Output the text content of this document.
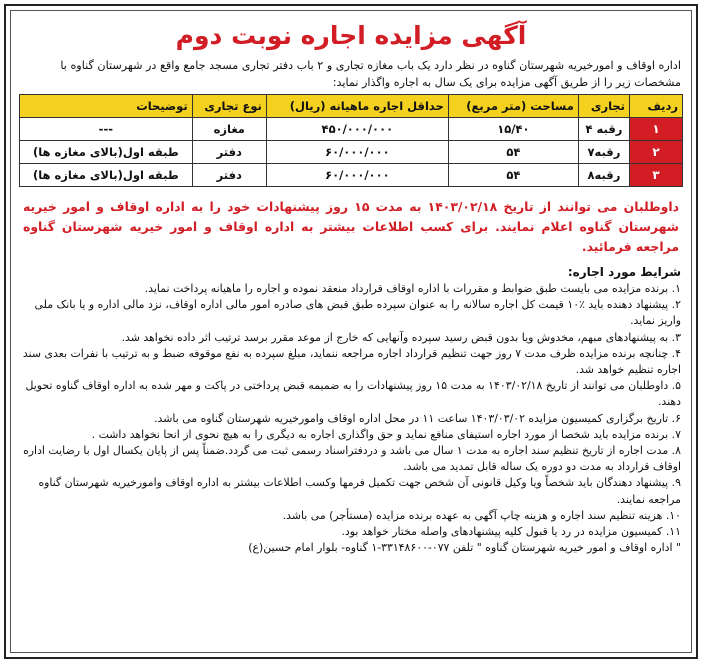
آگهی مزایده اجاره نوبت دوم
اداره اوقاف و امورخیریه شهرستان گناوه در نظر دارد یک باب مغازه تجاری و ۲ باب دفتر تجاری مسجد جامع واقع در شهرستان گناوه با مشخصات زیر را از طریق آگهی مزایده برای یک سال به اجاره واگذار نماید:
ردیف	تجاری	مساحت (متر مربع)	حداقل اجاره ماهیانه (ریال)	نوع تجاری	توضیحات
۱	رقبه ۴	۱۵/۴۰	۴۵۰/۰۰۰/۰۰۰	مغازه	---
۲	رقبه۷	۵۴	۶۰/۰۰۰/۰۰۰	دفتر	طبقه اول(بالای مغازه ها)
۳	رقبه۸	۵۴	۶۰/۰۰۰/۰۰۰	دفتر	طبقه اول(بالای مغازه ها)
داوطلبان می توانند از تاریخ ۱۴۰۳/۰۲/۱۸ به مدت ۱۵ روز پیشنهادات خود را به اداره اوقاف و امور خیریه شهرستان گناوه اعلام نمایند. برای کسب اطلاعات بیشتر به اداره اوقاف و امور خیریه شهرستان گناوه مراجعه فرمائید.
شرایط مورد اجاره:

۱. برنده مزایده می بایست طبق ضوابط و مقررات با اداره اوقاف قرارداد منعقد نموده و اجاره را ماهیانه پرداخت نماید.

۲. پیشنهاد دهنده باید ٪۱۰ قیمت کل اجاره سالانه را به عنوان سپرده طبق قبض های صادره امور مالی اداره اوقاف، نزد مالی اداره و یا بانک ملی واریز نماید.

۳. به پیشنهادهای مبهم، مخدوش ویا بدون قبض رسید سپرده وآنهایی که خارج از موعد مقرر برسد ترتیب اثر داده نخواهد شد.

۴. چنانچه برنده مزایده ظرف مدت ۷ روز جهت تنظیم قرارداد اجاره مراجعه ننماید، مبلغ سپرده به نفع موقوفه ضبط و به ترتیب با نفرات بعدی سند اجاره تنظیم خواهد شد.

۵. داوطلبان می توانند از تاریخ ۱۴۰۳/۰۲/۱۸ به مدت ۱۵ روز پیشنهادات را به ضمیمه قبض پرداختی در پاکت و مهر شده به اداره اوقاف گناوه تحویل دهند.

۶. تاریخ برگزاری کمیسیون مزایده ۱۴۰۳/۰۳/۰۲ ساعت ۱۱ در محل اداره اوقاف وامورخیریه شهرستان گناوه می باشد.

۷. برنده مزایده باید شخصا از مورد اجاره استیفای منافع نماید و حق واگذاری اجاره به دیگری را به هیچ نحوی از انحا نخواهد داشت .

۸. مدت اجاره از تاریخ تنظیم سند اجاره به مدت ۱ سال می باشد و دردفتراسناد رسمی ثبت می گردد.ضمناً پس از پایان یکسال اول با رضایت اداره اوقاف قرارداد به مدت دو دوره یک ساله قابل تمدید می باشد.

۹. پیشنهاد دهندگان باید شخصاً ویا وکیل قانونی آن شخص جهت تکمیل فرمها وکسب اطلاعات بیشتر به اداره اوقاف وامورخیریه شهرستان گناوه مراجعه نمایند.

۱۰. هزینه تنظیم سند اجاره و هزینه چاپ آگهی به عهده برنده مزایده (مستأجر) می باشد.

۱۱. کمیسیون مزایده در رد یا قبول کلیه پیشنهادهای واصله مختار خواهد بود.

" اداره اوقاف و امور خیریه شهرستان گناوه " تلفن ۰۷۷-۳۳۱۴۸۶۰۰-۱ گناوه- بلوار امام حسین(ع)
